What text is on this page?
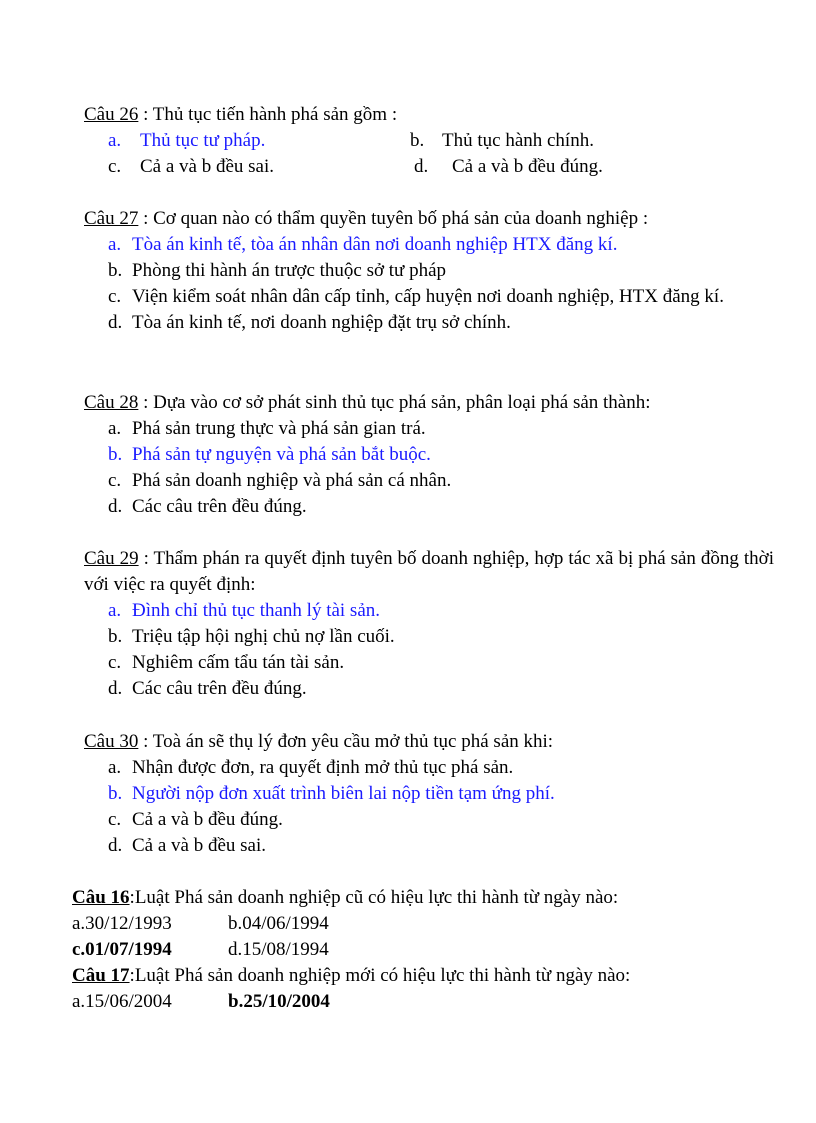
Câu 26 : Thủ tục tiến hành phá sản gồm :
a. Thủ tục tư pháp.	b. Thủ tục hành chính.
c. Cả a và b đều sai.	d. Cả a và b đều đúng.
Câu 27 : Cơ quan nào có thẩm quyền tuyên bố phá sản của doanh nghiệp :
a. Tòa án kinh tế, tòa án nhân dân nơi doanh nghiệp HTX đăng kí.
b. Phòng thi hành án trược thuộc sở tư pháp
c. Viện kiểm soát nhân dân cấp tỉnh, cấp huyện nơi doanh nghiệp, HTX đăng kí.
d. Tòa án kinh tế, nơi doanh nghiệp đặt trụ sở chính.
Câu 28 : Dựa vào cơ sở phát sinh thủ tục phá sản, phân loại phá sản thành:
a. Phá sản trung thực và phá sản gian trá.
b. Phá sản tự nguyện và phá sản bắt buộc.
c. Phá sản doanh nghiệp và phá sản cá nhân.
d. Các câu trên đều đúng.
Câu 29 : Thẩm phán ra quyết định tuyên bố doanh nghiệp, hợp tác xã bị phá sản đồng thời với việc ra quyết định:
a. Đình chỉ thủ tục thanh lý tài sản.
b. Triệu tập hội nghị chủ nợ lần cuối.
c. Nghiêm cấm tẩu tán tài sản.
d. Các câu trên đều đúng.
Câu 30 : Toà án sẽ thụ lý đơn yêu cầu mở thủ tục phá sản khi:
a. Nhận được đơn, ra quyết định mở thủ tục phá sản.
b. Người nộp đơn xuất trình biên lai nộp tiền tạm ứng phí.
c. Cả a và b đều đúng.
d. Cả a và b đều sai.
Câu 16:Luật Phá sản doanh nghiệp cũ có hiệu lực thi hành từ ngày nào:
a.30/12/1993	b.04/06/1994
c.01/07/1994	d.15/08/1994
Câu 17:Luật Phá sản doanh nghiệp mới có hiệu lực thi hành từ ngày nào:
a.15/06/2004	b.25/10/2004
